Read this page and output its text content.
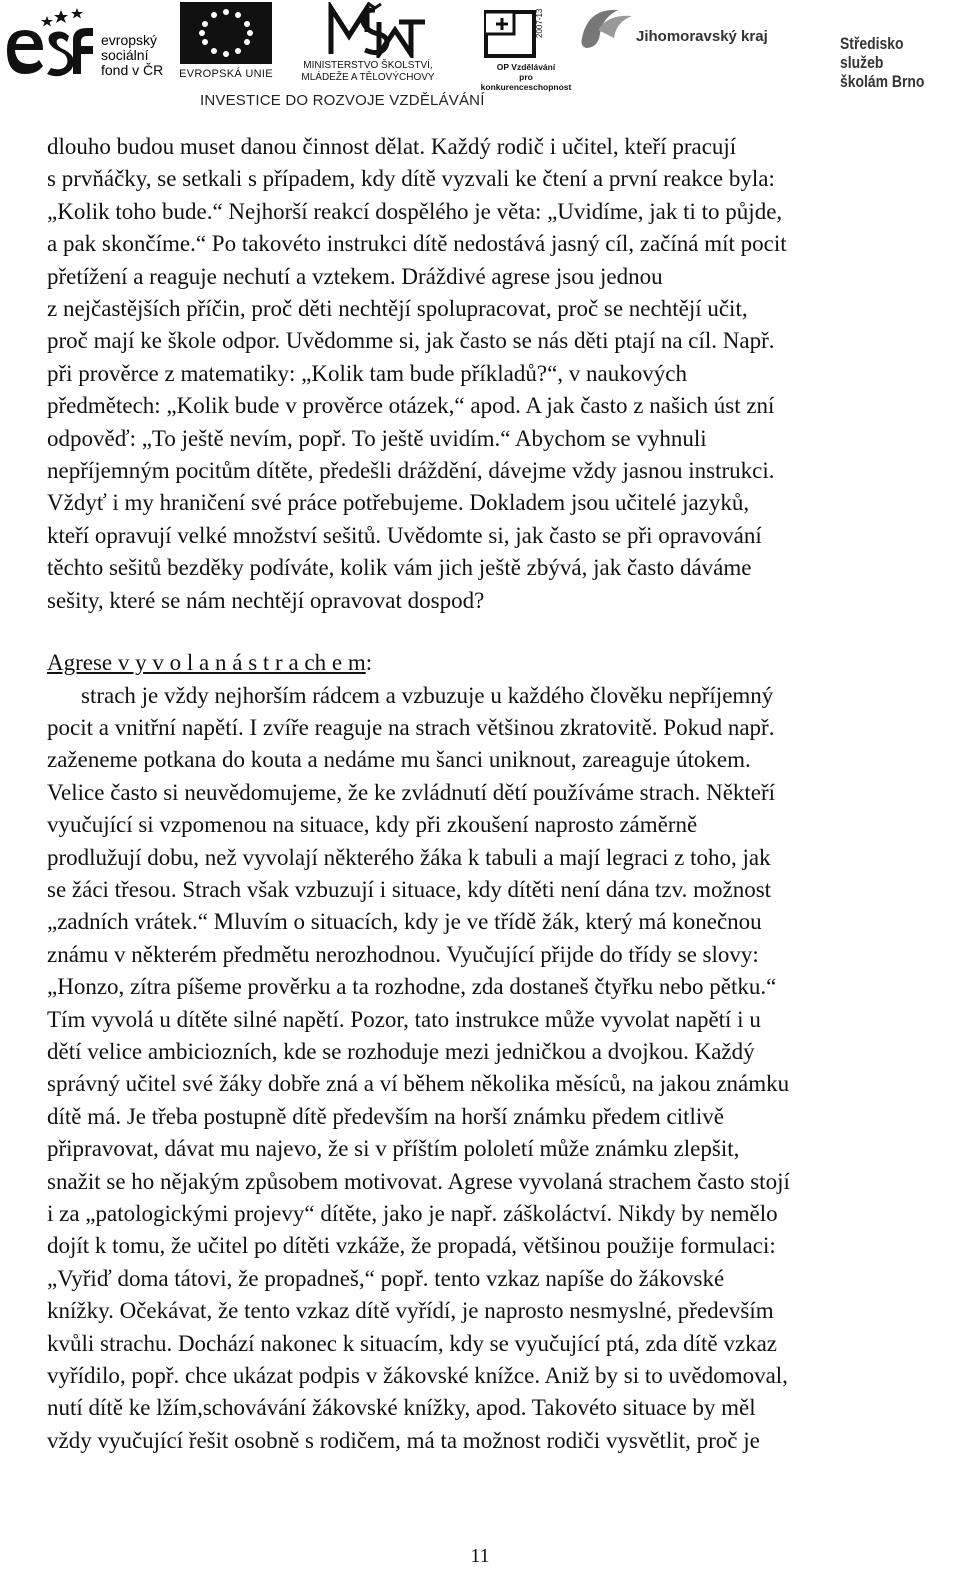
evropský
sociální
fond v ČR EVROPSKÁ UNIE
MINISTERSTVO ŠKOLSTVÍ,
MLÁDEŽE A TĚLOVÝCHOVY
2007-13
OP Vzdělávání
pro konkurenceschopnost
Jihomoravský kraj	Středisko služeb
školám Brno
INVESTICE DO ROZVOJE VZDĚLÁVÁNÍ

dlouho budou muset danou činnost dělat. Každý rodič i učitel, kteří pracují

s prvňáčky, se setkali s případem, kdy dítě vyzvali ke čtení a první reakce byla:

„Kolik toho bude.“ Nejhorší reakcí dospělého je věta: „Uvidíme, jak ti to půjde,

a pak skončíme.“ Po takovéto instrukci dítě nedostává jasný cíl, začíná mít pocit

přetížení a reaguje nechutí a vztekem. Dráždivé agrese jsou jednou

z nejčastějších příčin, proč děti nechtějí spolupracovat, proč se nechtějí učit,

proč mají ke škole odpor. Uvědomme si, jak často se nás děti ptají na cíl. Např.

při prověrce z matematiky: „Kolik tam bude příkladů?“, v naukových

předmětech: „Kolik bude v prověrce otázek,“ apod. A jak často z našich úst zní

odpověď: „To ještě nevím, popř. To ještě uvidím.“ Abychom se vyhnuli

nepříjemným pocitům dítěte, předešli dráždění, dávejme vždy jasnou instrukci.

Vždyť i my hraničení své práce potřebujeme. Dokladem jsou učitelé jazyků,

kteří opravují velké množství sešitů. Uvědomte si, jak často se při opravování

těchto sešitů bezděky podíváte, kolik vám jich ještě zbývá, jak často dáváme

sešity, které se nám nechtějí opravovat dospod?

Agrese v y v o l a n á s t r a ch e m:

strach je vždy nejhorším rádcem a vzbuzuje u každého člověku nepříjemný

pocit a vnitřní napětí. I zvíře reaguje na strach většinou zkratovitě. Pokud např.

zaženeme potkana do kouta a nedáme mu šanci uniknout, zareaguje útokem.

Velice často si neuvědomujeme, že ke zvládnutí dětí používáme strach. Někteří

vyučující si vzpomenou na situace, kdy při zkoušení naprosto záměrně

prodlužují dobu, než vyvolají některého žáka k tabuli a mají legraci z toho, jak

se žáci třesou. Strach však vzbuzují i situace, kdy dítěti není dána tzv. možnost

„zadních vrátek.“ Mluvím o situacích, kdy je ve třídě žák, který má konečnou

známu v některém předmětu nerozhodnou. Vyučující přijde do třídy se slovy:

„Honzo, zítra píšeme prověrku a ta rozhodne, zda dostaneš čtyřku nebo pětku.“

Tím vyvolá u dítěte silné napětí. Pozor, tato instrukce může vyvolat napětí i u

dětí velice ambiciozních, kde se rozhoduje mezi jedničkou a dvojkou. Každý

správný učitel své žáky dobře zná a ví během několika měsíců, na jakou známku

dítě má. Je třeba postupně dítě především na horší známku předem citlivě

připravovat, dávat mu najevo, že si v příštím pololetí může známku zlepšit,

snažit se ho nějakým způsobem motivovat. Agrese vyvolaná strachem často stojí

i za „patologickými projevy“ dítěte, jako je např. záškoláctví. Nikdy by nemělo

dojít k tomu, že učitel po dítěti vzkáže, že propadá, většinou použije formulaci:

„Vyřiď doma tátovi, že propadneš,“ popř. tento vzkaz napíše do žákovské

knížky. Očekávat, že tento vzkaz dítě vyřídí, je naprosto nesmyslné, především

kvůli strachu. Dochází nakonec k situacím, kdy se vyučující ptá, zda dítě vzkaz

vyřídilo, popř. chce ukázat podpis v žákovské knížce. Aniž by si to uvědomoval,

nutí dítě ke lžím,schovávání žákovské knížky, apod. Takovéto situace by měl

vždy vyučující řešit osobně s rodičem, má ta možnost rodiči vysvětlit, proč je

11
